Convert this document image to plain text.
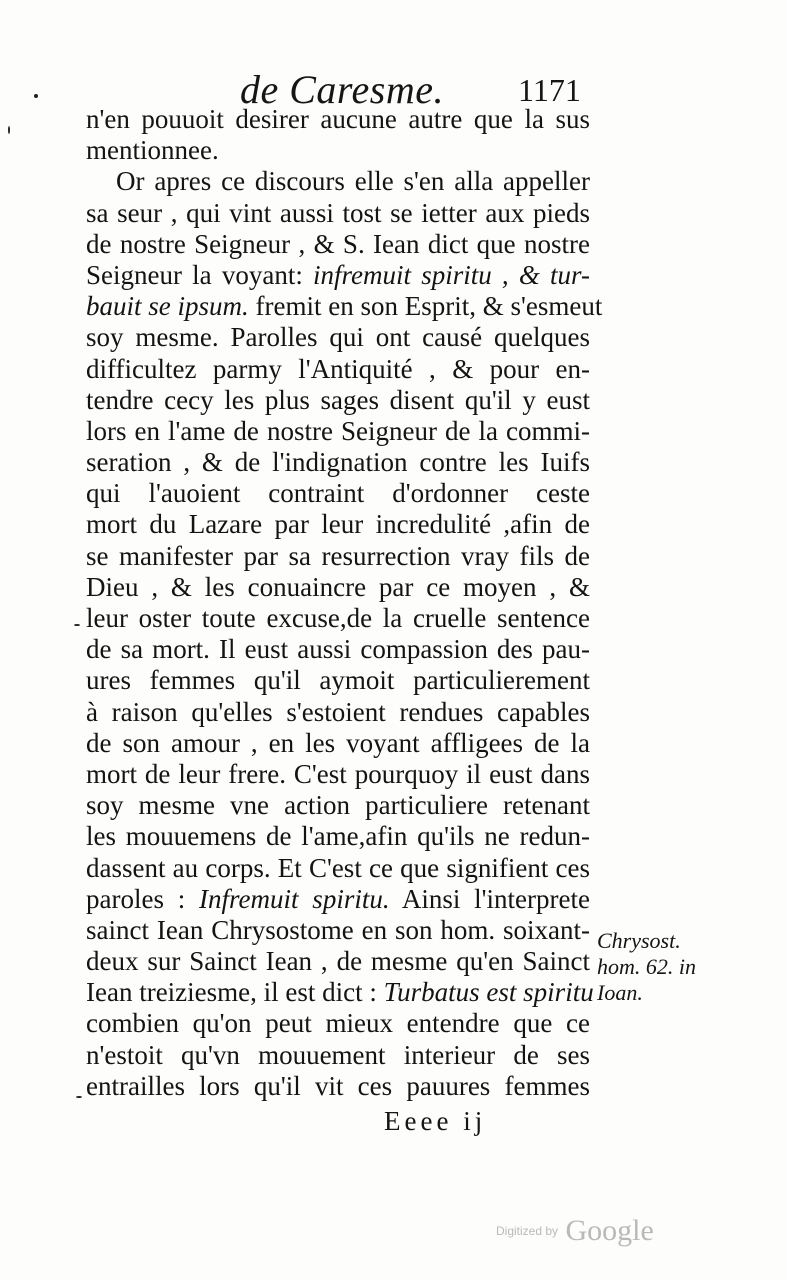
de Caresme. 1171
n'en pouuoit desirer aucune autre que la sus
mentionnee.
Or apres ce discours elle s'en alla appeller
sa seur , qui vint aussi tost se ietter aux pieds
de nostre Seigneur , & S. Iean dict que nostre
Seigneur la voyant: infremuit spiritu , & tur-
bauit se ipsum. fremit en son Esprit, & s'esmeut
soy mesme. Parolles qui ont causé quelques
difficultez parmy l'Antiquité , & pour en-
tendre cecy les plus sages disent qu'il y eust
lors en l'ame de nostre Seigneur de la commi-
seration , & de l'indignation contre les Iuifs
qui l'auoient contraint d'ordonner ceste
mort du Lazare par leur incredulité ,afin de
se manifester par sa resurrection vray fils de
Dieu , & les conuaincre par ce moyen , &
leur oster toute excuse,de la cruelle sentence
de sa mort. Il eust aussi compassion des pau-
ures femmes qu'il aymoit particulierement
à raison qu'elles s'estoient rendues capables
de son amour , en les voyant affligees de la
mort de leur frere. C'est pourquoy il eust dans
soy mesme vne action particuliere retenant
les mouuemens de l'ame,afin qu'ils ne redun-
dassent au corps. Et C'est ce que signifient ces
paroles : Infremuit spiritu. Ainsi l'interprete
sainct Iean Chrysostome en son hom. soixant-
deux sur Sainct Iean , de mesme qu'en Sainct
Iean treiziesme, il est dict : Turbatus est spiritu
combien qu'on peut mieux entendre que ce
n'estoit qu'vn mouuement interieur de ses
entrailles lors qu'il vit ces pauures femmes
Chrysost.
hom. 62. in
Ioan.
Eeee ij
Digitized by Google
